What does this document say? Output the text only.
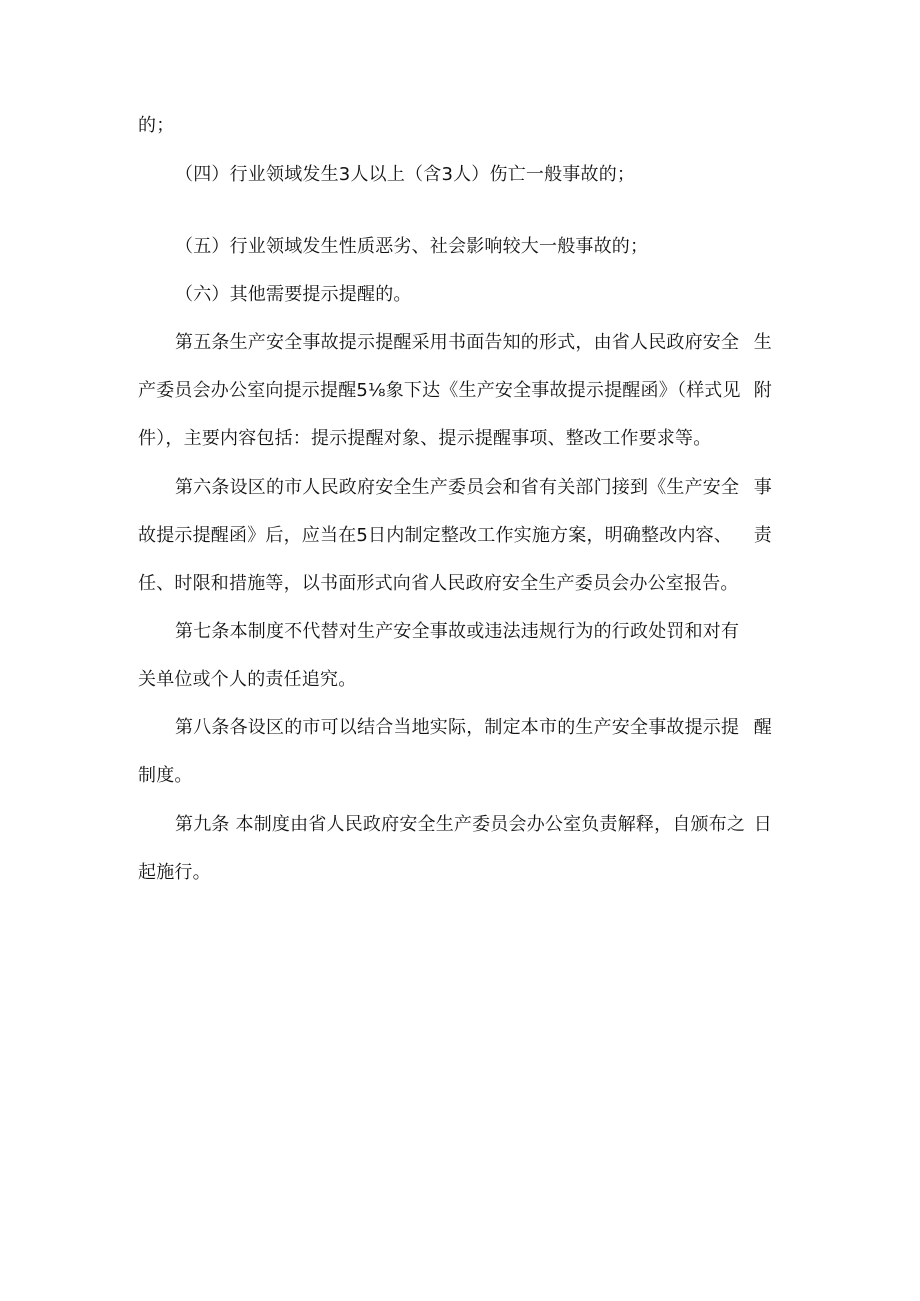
的；
（四）行业领域发生3人以上（含3人）伤亡一般事故的；
（五）行业领域发生性质恶劣、社会影响较大一般事故的；
（六）其他需要提示提醒的。
第五条生产安全事故提示提醒采用书面告知的形式，由省人民政府安全 生
产委员会办公室向提示提醒5⅛象下达《生产安全事故提示提醒函》（样式见 附
件），主要内容包括：提示提醒对象、提示提醒事项、整改工作要求等。
第六条设区的市人民政府安全生产委员会和省有关部门接到《生产安全 事
故提示提醒函》后，应当在5日内制定整改工作实施方案，明确整改内容、 责
任、时限和措施等，以书面形式向省人民政府安全生产委员会办公室报告。
第七条本制度不代替对生产安全事故或违法违规行为的行政处罚和对有
关单位或个人的责任追究。
第八条各设区的市可以结合当地实际，制定本市的生产安全事故提示提 醒
制度。
第九条 本制度由省人民政府安全生产委员会办公室负责解释，自颁布之 日
起施行。
